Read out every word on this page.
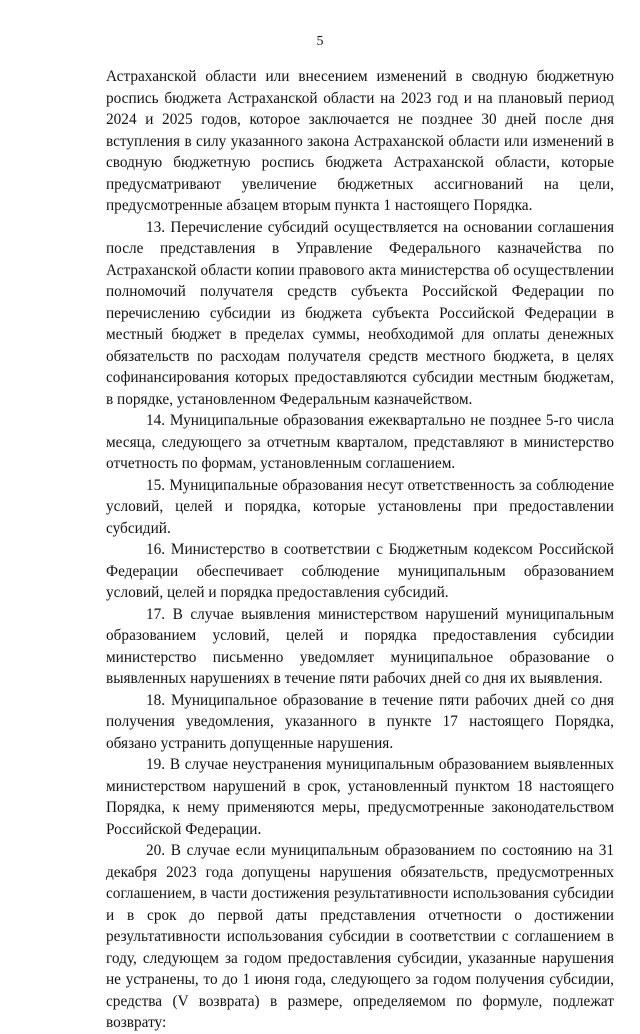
5

Астраханской области или внесением изменений в сводную бюджетную роспись бюджета Астраханской области на 2023 год и на плановый период 2024 и 2025 годов, которое заключается не позднее 30 дней после дня вступления в силу указанного закона Астраханской области или изменений в сводную бюджетную роспись бюджета Астраханской области, которые предусматривают увеличение бюджетных ассигнований на цели, предусмотренные абзацем вторым пункта 1 настоящего Порядка.

13. Перечисление субсидий осуществляется на основании соглашения после представления в Управление Федерального казначейства по Астраханской области копии правового акта министерства об осуществлении полномочий получателя средств субъекта Российской Федерации по перечислению субсидии из бюджета субъекта Российской Федерации в местный бюджет в пределах суммы, необходимой для оплаты денежных обязательств по расходам получателя средств местного бюджета, в целях софинансирования которых предоставляются субсидии местным бюджетам, в порядке, установленном Федеральным казначейством.

14. Муниципальные образования ежеквартально не позднее 5-го числа месяца, следующего за отчетным кварталом, представляют в министерство отчетность по формам, установленным соглашением.

15. Муниципальные образования несут ответственность за соблюдение условий, целей и порядка, которые установлены при предоставлении субсидий.

16. Министерство в соответствии с Бюджетным кодексом Российской Федерации обеспечивает соблюдение муниципальным образованием условий, целей и порядка предоставления субсидий.

17. В случае выявления министерством нарушений муниципальным образованием условий, целей и порядка предоставления субсидии министерство письменно уведомляет муниципальное образование о выявленных нарушениях в течение пяти рабочих дней со дня их выявления.

18. Муниципальное образование в течение пяти рабочих дней со дня получения уведомления, указанного в пункте 17 настоящего Порядка, обязано устранить допущенные нарушения.

19. В случае неустранения муниципальным образованием выявленных министерством нарушений в срок, установленный пунктом 18 настоящего Порядка, к нему применяются меры, предусмотренные законодательством Российской Федерации.

20. В случае если муниципальным образованием по состоянию на 31 декабря 2023 года допущены нарушения обязательств, предусмотренных соглашением, в части достижения результативности использования субсидии и в срок до первой даты представления отчетности о достижении результативности использования субсидии в соответствии с соглашением в году, следующем за годом предоставления субсидии, указанные нарушения не устранены, то до 1 июня года, следующего за годом получения субсидии, средства (V возврата) в размере, определяемом по формуле, подлежат возврату:
